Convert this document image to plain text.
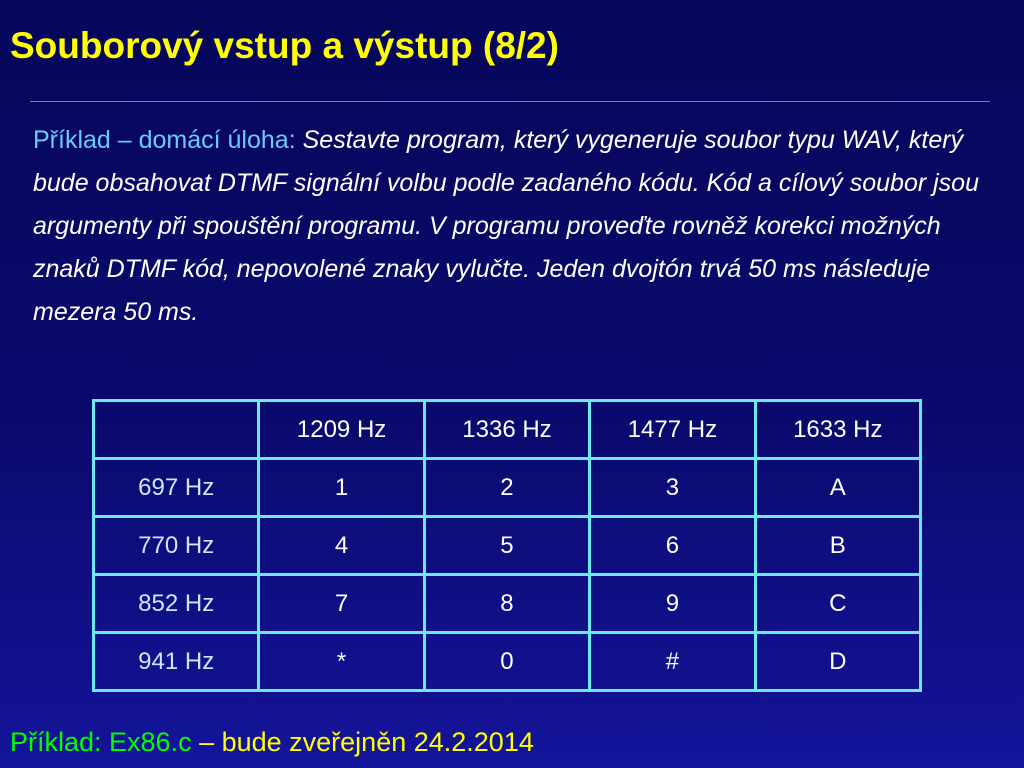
Souborový vstup a výstup (8/2)
Příklad – domácí úloha: Sestavte program, který vygeneruje soubor typu WAV, který bude obsahovat DTMF signální volbu podle zadaného kódu. Kód a cílový soubor jsou argumenty při spouštění programu. V programu proveďte rovněž korekci možných znaků DTMF kód, nepovolené znaky vylučte. Jeden dvojtón trvá 50 ms následuje mezera 50 ms.
	1209 Hz	1336 Hz	1477 Hz	1633 Hz
697 Hz	1	2	3	A
770 Hz	4	5	6	B
852 Hz	7	8	9	C
941 Hz	*	0	#	D
Příklad: Ex86.c – bude zveřejněn 24.2.2014
